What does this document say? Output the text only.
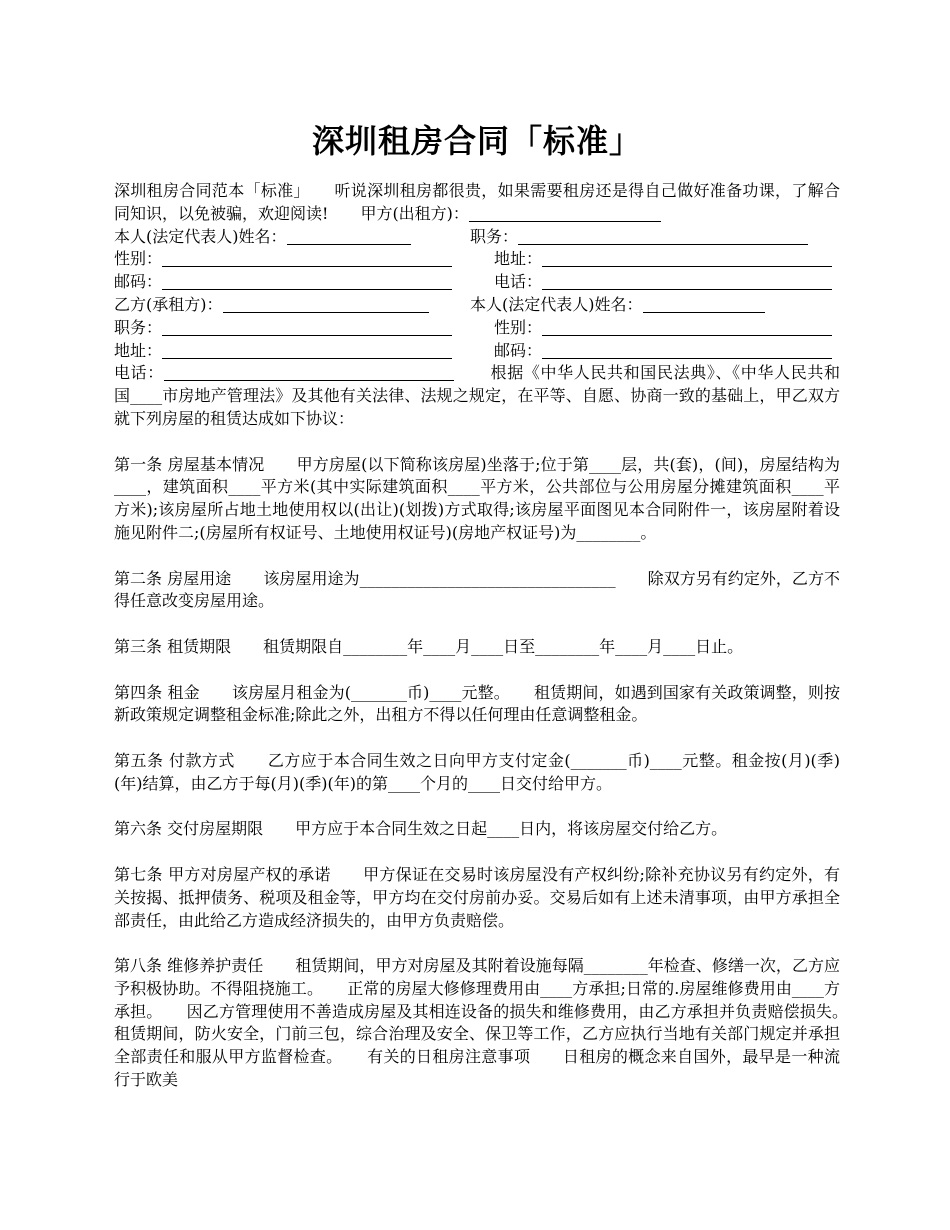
深圳租房合同「标准」

深圳租房合同范本「标准」　　听说深圳租房都很贵，如果需要租房还是得自己做好准备功课，了解合同知识，以免被骗，欢迎阅读!　　甲方(出租方)：

本人(法定代表人)姓名：	职务：
性别：	地址：
邮码：	电话：
乙方(承租方)：	本人(法定代表人)姓名：
职务：	性别：
地址：	邮码：

电话：	根据《中华人民共和国民法典》、《中华人民共和国____市房地产管理法》及其他有关法律、法规之规定，在平等、自愿、协商一致的基础上，甲乙双方就下列房屋的租赁达成如下协议：

第一条 房屋基本情况　　甲方房屋(以下简称该房屋)坐落于;位于第____层，共(套)，(间)，房屋结构为____，建筑面积____平方米(其中实际建筑面积____平方米，公共部位与公用房屋分摊建筑面积____平方米);该房屋所占地土地使用权以(出让)(划拨)方式取得;该房屋平面图见本合同附件一，该房屋附着设施见附件二;(房屋所有权证号、土地使用权证号)(房地产权证号)为________。

第二条 房屋用途　　该房屋用途为________________________________　　除双方另有约定外，乙方不得任意改变房屋用途。

第三条 租赁期限　　租赁期限自________年____月____日至________年____月____日止。

第四条 租金　　该房屋月租金为(_______币)____元整。　　租赁期间，如遇到国家有关政策调整，则按新政策规定调整租金标准;除此之外，出租方不得以任何理由任意调整租金。

第五条 付款方式　　乙方应于本合同生效之日向甲方支付定金(_______币)____元整。租金按(月)(季)(年)结算，由乙方于每(月)(季)(年)的第____个月的____日交付给甲方。

第六条 交付房屋期限　　甲方应于本合同生效之日起____日内，将该房屋交付给乙方。

第七条 甲方对房屋产权的承诺　　甲方保证在交易时该房屋没有产权纠纷;除补充协议另有约定外，有关按揭、抵押债务、税项及租金等，甲方均在交付房前办妥。交易后如有上述未清事项，由甲方承担全部责任，由此给乙方造成经济损失的，由甲方负责赔偿。

第八条 维修养护责任　　租赁期间，甲方对房屋及其附着设施每隔________年检查、修缮一次，乙方应予积极协助。不得阻挠施工。　　正常的房屋大修修理费用由____方承担;日常的.房屋维修费用由____方承担。　　因乙方管理使用不善造成房屋及其相连设备的损失和维修费用，由乙方承担并负责赔偿损失。　　租赁期间，防火安全，门前三包，综合治理及安全、保卫等工作，乙方应执行当地有关部门规定并承担全部责任和服从甲方监督检查。　　有关的日租房注意事项　　日租房的概念来自国外，最早是一种流行于欧美
